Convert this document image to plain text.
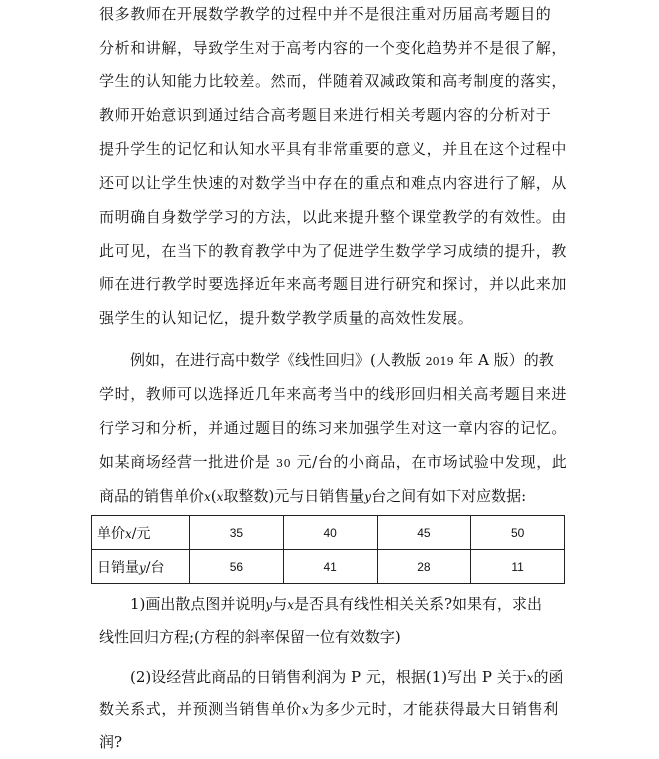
很多教师在开展数学教学的过程中并不是很注重对历届高考题目的
分析和讲解，导致学生对于高考内容的一个变化趋势并不是很了解，
学生的认知能力比较差。然而，伴随着双减政策和高考制度的落实，
教师开始意识到通过结合高考题目来进行相关考题内容的分析对于
提升学生的记忆和认知水平具有非常重要的意义，并且在这个过程中
还可以让学生快速的对数学当中存在的重点和难点内容进行了解，从
而明确自身数学学习的方法，以此来提升整个课堂教学的有效性。由
此可见，在当下的教育教学中为了促进学生数学学习成绩的提升，教
师在进行教学时要选择近年来高考题目进行研究和探讨，并以此来加
强学生的认知记忆，提升数学教学质量的高效性发展。
例如，在进行高中数学《线性回归》(人教版 2019 年 A 版）的教
学时，教师可以选择近几年来高考当中的线形回归相关高考题目来进
行学习和分析，并通过题目的练习来加强学生对这一章内容的记忆。
如某商场经营一批进价是 30 元/台的小商品，在市场试验中发现，此
商品的销售单价x(x取整数)元与日销售量y台之间有如下对应数据:
单价x/元	35	40	45	50
日销量y/台	56	41	28	11
1)画出散点图并说明y与x是否具有线性相关关系?如果有，求出
线性回归方程;(方程的斜率保留一位有效数字)
(2)设经营此商品的日销售利润为 P 元，根据(1)写出 P 关于x的函
数关系式，并预测当销售单价x为多少元时，才能获得最大日销售利
润?
